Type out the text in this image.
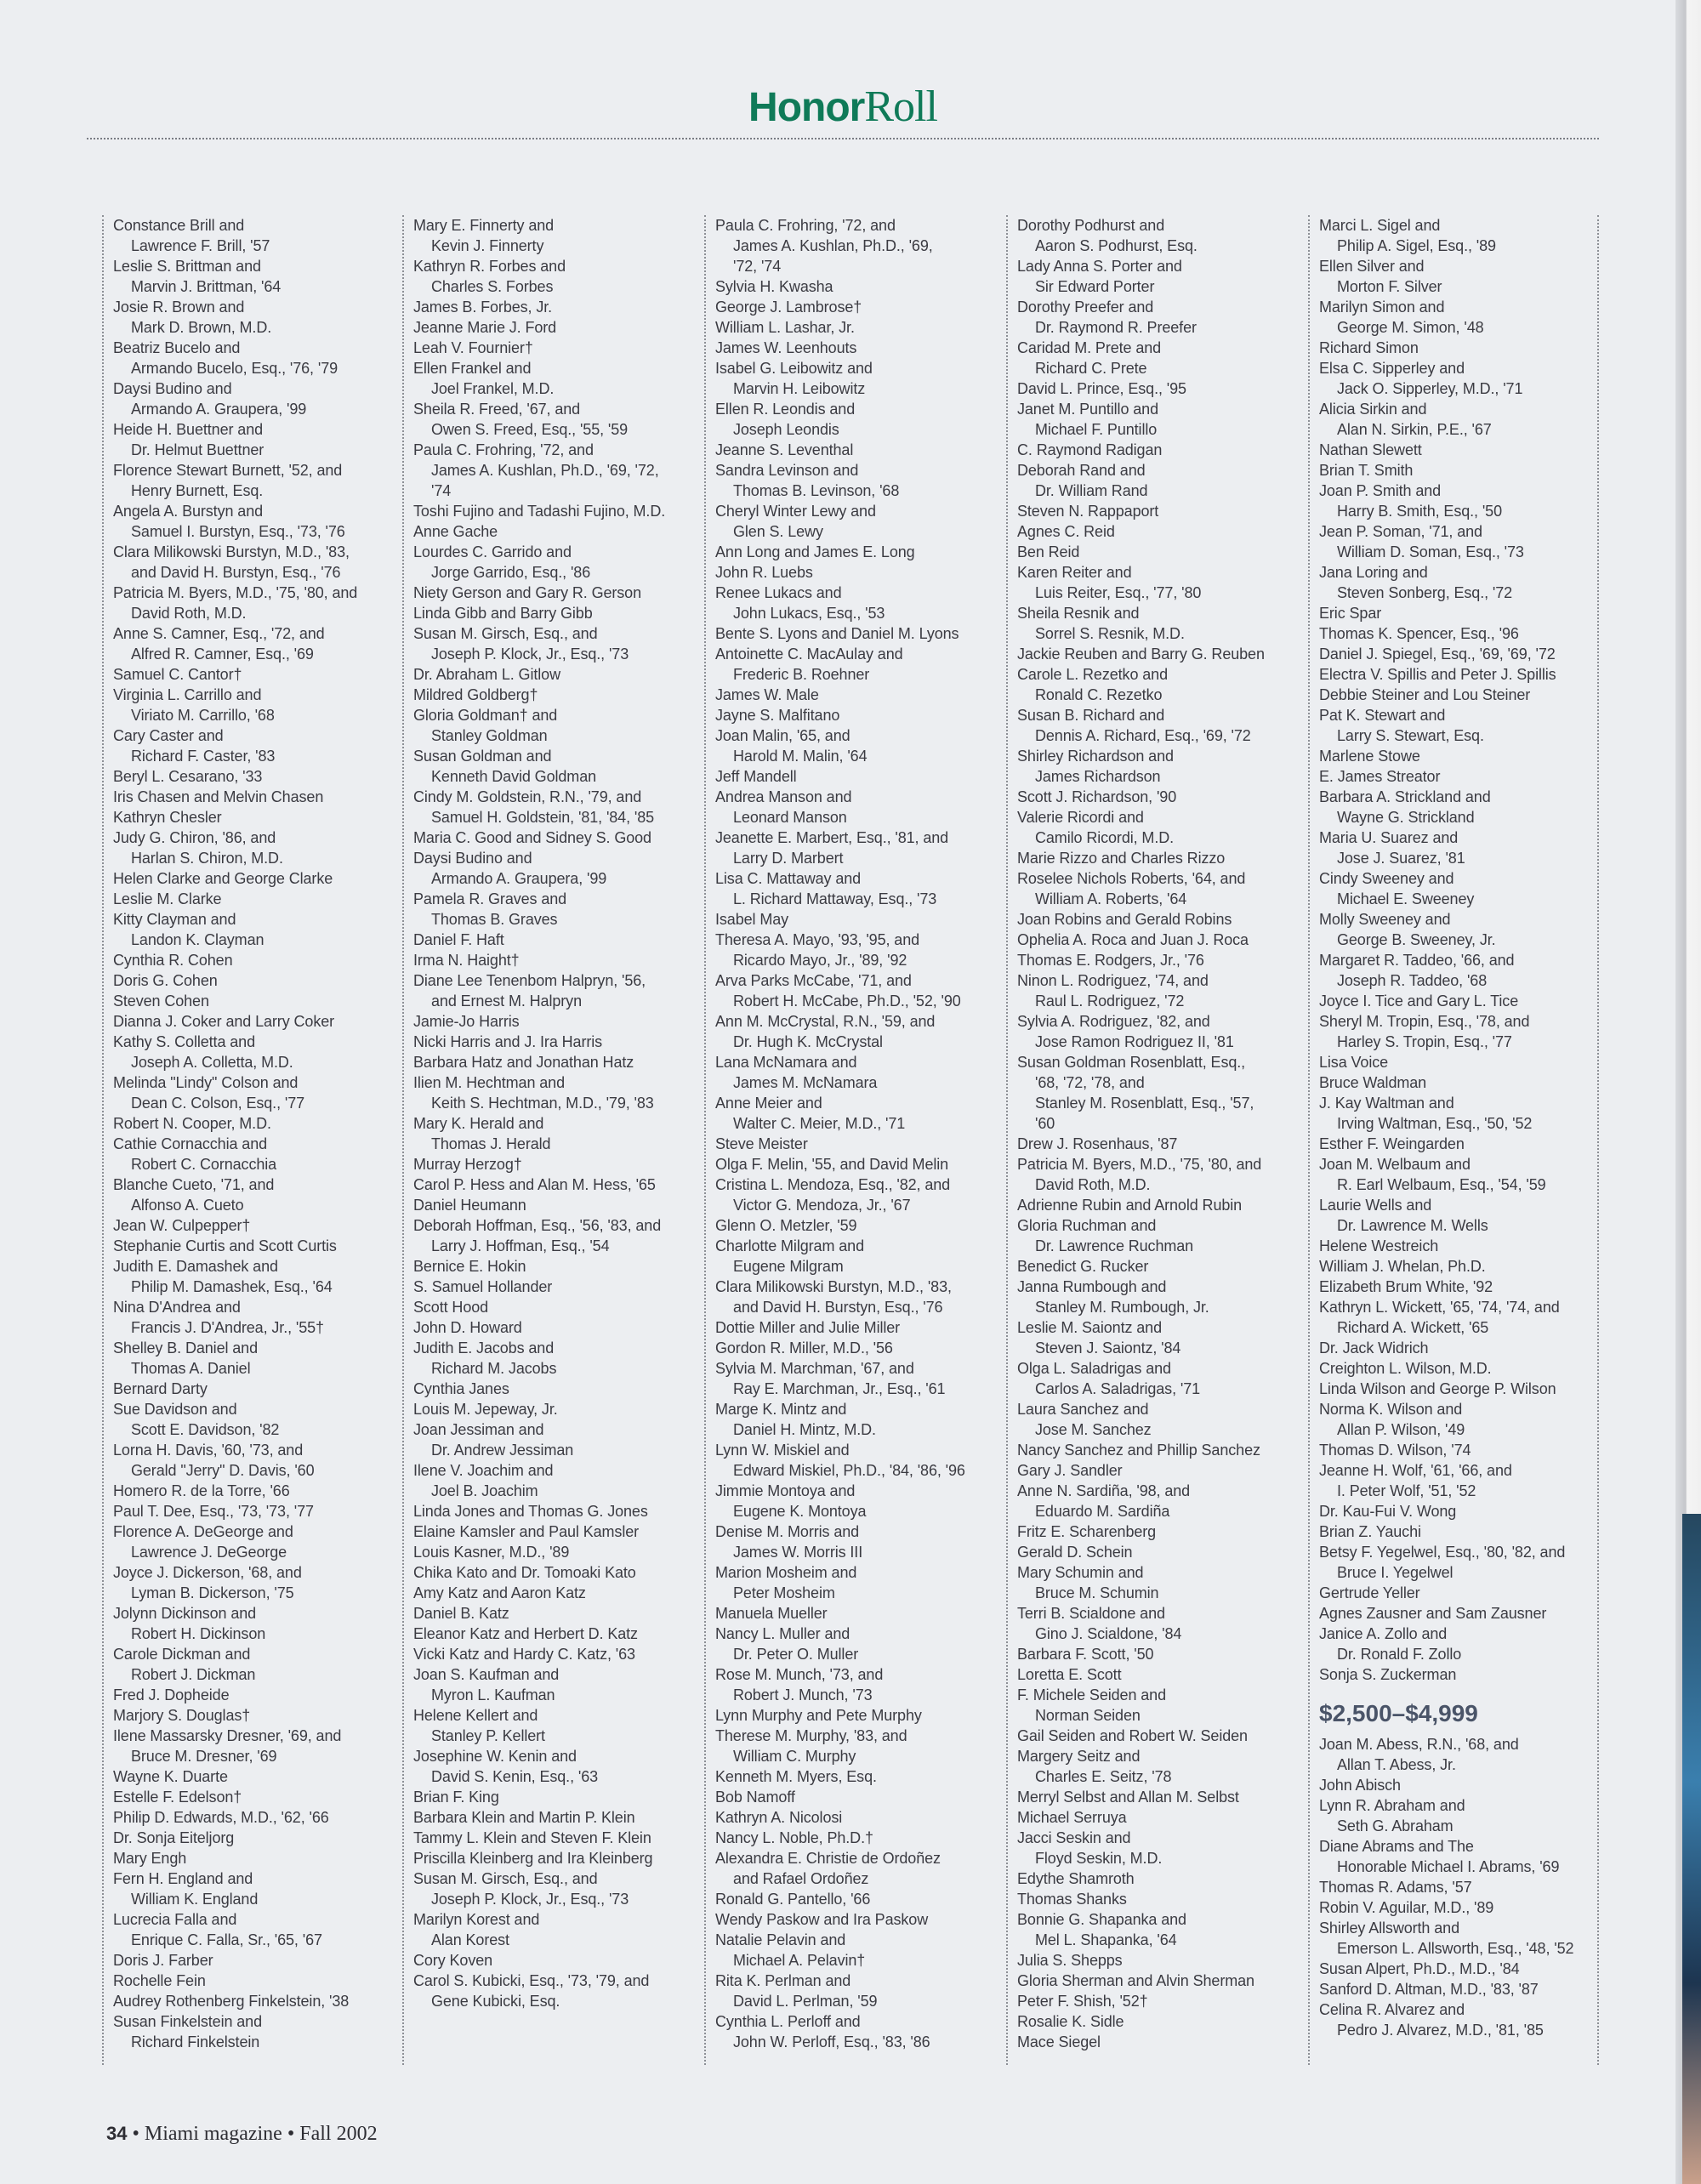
HonorRoll
Constance Brill and
Lawrence F. Brill, '57
Leslie S. Brittman and
Marvin J. Brittman, '64
Josie R. Brown and
Mark D. Brown, M.D.
Beatriz Bucelo and
Armando Bucelo, Esq., '76, '79
Daysi Budino and
Armando A. Graupera, '99
Heide H. Buettner and
Dr. Helmut Buettner
Florence Stewart Burnett, '52, and
Henry Burnett, Esq.
Angela A. Burstyn and
Samuel I. Burstyn, Esq., '73, '76
Clara Milikowski Burstyn, M.D., '83,
and David H. Burstyn, Esq., '76
Patricia M. Byers, M.D., '75, '80, and
David Roth, M.D.
Anne S. Camner, Esq., '72, and
Alfred R. Camner, Esq., '69
Samuel C. Cantor†
Virginia L. Carrillo and
Viriato M. Carrillo, '68
Cary Caster and
Richard F. Caster, '83
Beryl L. Cesarano, '33
Iris Chasen and Melvin Chasen
Kathryn Chesler
Judy G. Chiron, '86, and
Harlan S. Chiron, M.D.
Helen Clarke and George Clarke
Leslie M. Clarke
Kitty Clayman and
Landon K. Clayman
Cynthia R. Cohen
Doris G. Cohen
Steven Cohen
Dianna J. Coker and Larry Coker
Kathy S. Colletta and
Joseph A. Colletta, M.D.
Melinda "Lindy" Colson and
Dean C. Colson, Esq., '77
Robert N. Cooper, M.D.
Cathie Cornacchia and
Robert C. Cornacchia
Blanche Cueto, '71, and
Alfonso A. Cueto
Jean W. Culpepper†
Stephanie Curtis and Scott Curtis
Judith E. Damashek and
Philip M. Damashek, Esq., '64
Nina D'Andrea and
Francis J. D'Andrea, Jr., '55†
Shelley B. Daniel and
Thomas A. Daniel
Bernard Darty
Sue Davidson and
Scott E. Davidson, '82
Lorna H. Davis, '60, '73, and
Gerald "Jerry" D. Davis, '60
Homero R. de la Torre, '66
Paul T. Dee, Esq., '73, '73, '77
Florence A. DeGeorge and
Lawrence J. DeGeorge
Joyce J. Dickerson, '68, and
Lyman B. Dickerson, '75
Jolynn Dickinson and
Robert H. Dickinson
Carole Dickman and
Robert J. Dickman
Fred J. Dopheide
Marjory S. Douglas†
Ilene Massarsky Dresner, '69, and
Bruce M. Dresner, '69
Wayne K. Duarte
Estelle F. Edelson†
Philip D. Edwards, M.D., '62, '66
Dr. Sonja Eiteljorg
Mary Engh
Fern H. England and
William K. England
Lucrecia Falla and
Enrique C. Falla, Sr., '65, '67
Doris J. Farber
Rochelle Fein
Audrey Rothenberg Finkelstein, '38
Susan Finkelstein and
Richard Finkelstein
Mary E. Finnerty and
Kevin J. Finnerty
Kathryn R. Forbes and
Charles S. Forbes
James B. Forbes, Jr.
Jeanne Marie J. Ford
Leah V. Fournier†
Ellen Frankel and
Joel Frankel, M.D.
Sheila R. Freed, '67, and
Owen S. Freed, Esq., '55, '59
Paula C. Frohring, '72, and
James A. Kushlan, Ph.D., '69, '72,
'74
Toshi Fujino and Tadashi Fujino, M.D.
Anne Gache
Lourdes C. Garrido and
Jorge Garrido, Esq., '86
Niety Gerson and Gary R. Gerson
Linda Gibb and Barry Gibb
Susan M. Girsch, Esq., and
Joseph P. Klock, Jr., Esq., '73
Dr. Abraham L. Gitlow
Mildred Goldberg†
Gloria Goldman† and
Stanley Goldman
Susan Goldman and
Kenneth David Goldman
Cindy M. Goldstein, R.N., '79, and
Samuel H. Goldstein, '81, '84, '85
Maria C. Good and Sidney S. Good
Daysi Budino and
Armando A. Graupera, '99
Pamela R. Graves and
Thomas B. Graves
Daniel F. Haft
Irma N. Haight†
Diane Lee Tenenbom Halpryn, '56,
and Ernest M. Halpryn
Jamie-Jo Harris
Nicki Harris and J. Ira Harris
Barbara Hatz and Jonathan Hatz
Ilien M. Hechtman and
Keith S. Hechtman, M.D., '79, '83
Mary K. Herald and
Thomas J. Herald
Murray Herzog†
Carol P. Hess and Alan M. Hess, '65
Daniel Heumann
Deborah Hoffman, Esq., '56, '83, and
Larry J. Hoffman, Esq., '54
Bernice E. Hokin
S. Samuel Hollander
Scott Hood
John D. Howard
Judith E. Jacobs and
Richard M. Jacobs
Cynthia Janes
Louis M. Jepeway, Jr.
Joan Jessiman and
Dr. Andrew Jessiman
Ilene V. Joachim and
Joel B. Joachim
Linda Jones and Thomas G. Jones
Elaine Kamsler and Paul Kamsler
Louis Kasner, M.D., '89
Chika Kato and Dr. Tomoaki Kato
Amy Katz and Aaron Katz
Daniel B. Katz
Eleanor Katz and Herbert D. Katz
Vicki Katz and Hardy C. Katz, '63
Joan S. Kaufman and
Myron L. Kaufman
Helene Kellert and
Stanley P. Kellert
Josephine W. Kenin and
David S. Kenin, Esq., '63
Brian F. King
Barbara Klein and Martin P. Klein
Tammy L. Klein and Steven F. Klein
Priscilla Kleinberg and Ira Kleinberg
Susan M. Girsch, Esq., and
Joseph P. Klock, Jr., Esq., '73
Marilyn Korest and
Alan Korest
Cory Koven
Carol S. Kubicki, Esq., '73, '79, and
Gene Kubicki, Esq.
Paula C. Frohring, '72, and
James A. Kushlan, Ph.D., '69,
'72, '74
Sylvia H. Kwasha
George J. Lambrose†
William L. Lashar, Jr.
James W. Leenhouts
Isabel G. Leibowitz and
Marvin H. Leibowitz
Ellen R. Leondis and
Joseph Leondis
Jeanne S. Leventhal
Sandra Levinson and
Thomas B. Levinson, '68
Cheryl Winter Lewy and
Glen S. Lewy
Ann Long and James E. Long
John R. Luebs
Renee Lukacs and
John Lukacs, Esq., '53
Bente S. Lyons and Daniel M. Lyons
Antoinette C. MacAulay and
Frederic B. Roehner
James W. Male
Jayne S. Malfitano
Joan Malin, '65, and
Harold M. Malin, '64
Jeff Mandell
Andrea Manson and
Leonard Manson
Jeanette E. Marbert, Esq., '81, and
Larry D. Marbert
Lisa C. Mattaway and
L. Richard Mattaway, Esq., '73
Isabel May
Theresa A. Mayo, '93, '95, and
Ricardo Mayo, Jr., '89, '92
Arva Parks McCabe, '71, and
Robert H. McCabe, Ph.D., '52, '90
Ann M. McCrystal, R.N., '59, and
Dr. Hugh K. McCrystal
Lana McNamara and
James M. McNamara
Anne Meier and
Walter C. Meier, M.D., '71
Steve Meister
Olga F. Melin, '55, and David Melin
Cristina L. Mendoza, Esq., '82, and
Victor G. Mendoza, Jr., '67
Glenn O. Metzler, '59
Charlotte Milgram and
Eugene Milgram
Clara Milikowski Burstyn, M.D., '83,
and David H. Burstyn, Esq., '76
Dottie Miller and Julie Miller
Gordon R. Miller, M.D., '56
Sylvia M. Marchman, '67, and
Ray E. Marchman, Jr., Esq., '61
Marge K. Mintz and
Daniel H. Mintz, M.D.
Lynn W. Miskiel and
Edward Miskiel, Ph.D., '84, '86, '96
Jimmie Montoya and
Eugene K. Montoya
Denise M. Morris and
James W. Morris III
Marion Mosheim and
Peter Mosheim
Manuela Mueller
Nancy L. Muller and
Dr. Peter O. Muller
Rose M. Munch, '73, and
Robert J. Munch, '73
Lynn Murphy and Pete Murphy
Therese M. Murphy, '83, and
William C. Murphy
Kenneth M. Myers, Esq.
Bob Namoff
Kathryn A. Nicolosi
Nancy L. Noble, Ph.D.†
Alexandra E. Christie de Ordoñez
and Rafael Ordoñez
Ronald G. Pantello, '66
Wendy Paskow and Ira Paskow
Natalie Pelavin and
Michael A. Pelavin†
Rita K. Perlman and
David L. Perlman, '59
Cynthia L. Perloff and
John W. Perloff, Esq., '83, '86
Dorothy Podhurst and
Aaron S. Podhurst, Esq.
Lady Anna S. Porter and
Sir Edward Porter
Dorothy Preefer and
Dr. Raymond R. Preefer
Caridad M. Prete and
Richard C. Prete
David L. Prince, Esq., '95
Janet M. Puntillo and
Michael F. Puntillo
C. Raymond Radigan
Deborah Rand and
Dr. William Rand
Steven N. Rappaport
Agnes C. Reid
Ben Reid
Karen Reiter and
Luis Reiter, Esq., '77, '80
Sheila Resnik and
Sorrel S. Resnik, M.D.
Jackie Reuben and Barry G. Reuben
Carole L. Rezetko and
Ronald C. Rezetko
Susan B. Richard and
Dennis A. Richard, Esq., '69, '72
Shirley Richardson and
James Richardson
Scott J. Richardson, '90
Valerie Ricordi and
Camilo Ricordi, M.D.
Marie Rizzo and Charles Rizzo
Roselee Nichols Roberts, '64, and
William A. Roberts, '64
Joan Robins and Gerald Robins
Ophelia A. Roca and Juan J. Roca
Thomas E. Rodgers, Jr., '76
Ninon L. Rodriguez, '74, and
Raul L. Rodriguez, '72
Sylvia A. Rodriguez, '82, and
Jose Ramon Rodriguez II, '81
Susan Goldman Rosenblatt, Esq.,
'68, '72, '78, and
Stanley M. Rosenblatt, Esq., '57,
'60
Drew J. Rosenhaus, '87
Patricia M. Byers, M.D., '75, '80, and
David Roth, M.D.
Adrienne Rubin and Arnold Rubin
Gloria Ruchman and
Dr. Lawrence Ruchman
Benedict G. Rucker
Janna Rumbough and
Stanley M. Rumbough, Jr.
Leslie M. Saiontz and
Steven J. Saiontz, '84
Olga L. Saladrigas and
Carlos A. Saladrigas, '71
Laura Sanchez and
Jose M. Sanchez
Nancy Sanchez and Phillip Sanchez
Gary J. Sandler
Anne N. Sardiña, '98, and
Eduardo M. Sardiña
Fritz E. Scharenberg
Gerald D. Schein
Mary Schumin and
Bruce M. Schumin
Terri B. Scialdone and
Gino J. Scialdone, '84
Barbara F. Scott, '50
Loretta E. Scott
F. Michele Seiden and
Norman Seiden
Gail Seiden and Robert W. Seiden
Margery Seitz and
Charles E. Seitz, '78
Merryl Selbst and Allan M. Selbst
Michael Serruya
Jacci Seskin and
Floyd Seskin, M.D.
Edythe Shamroth
Thomas Shanks
Bonnie G. Shapanka and
Mel L. Shapanka, '64
Julia S. Shepps
Gloria Sherman and Alvin Sherman
Peter F. Shish, '52†
Rosalie K. Sidle
Mace Siegel
Marci L. Sigel and
Philip A. Sigel, Esq., '89
Ellen Silver and
Morton F. Silver
Marilyn Simon and
George M. Simon, '48
Richard Simon
Elsa C. Sipperley and
Jack O. Sipperley, M.D., '71
Alicia Sirkin and
Alan N. Sirkin, P.E., '67
Nathan Slewett
Brian T. Smith
Joan P. Smith and
Harry B. Smith, Esq., '50
Jean P. Soman, '71, and
William D. Soman, Esq., '73
Jana Loring and
Steven Sonberg, Esq., '72
Eric Spar
Thomas K. Spencer, Esq., '96
Daniel J. Spiegel, Esq., '69, '69, '72
Electra V. Spillis and Peter J. Spillis
Debbie Steiner and Lou Steiner
Pat K. Stewart and
Larry S. Stewart, Esq.
Marlene Stowe
E. James Streator
Barbara A. Strickland and
Wayne G. Strickland
Maria U. Suarez and
Jose J. Suarez, '81
Cindy Sweeney and
Michael E. Sweeney
Molly Sweeney and
George B. Sweeney, Jr.
Margaret R. Taddeo, '66, and
Joseph R. Taddeo, '68
Joyce I. Tice and Gary L. Tice
Sheryl M. Tropin, Esq., '78, and
Harley S. Tropin, Esq., '77
Lisa Voice
Bruce Waldman
J. Kay Waltman and
Irving Waltman, Esq., '50, '52
Esther F. Weingarden
Joan M. Welbaum and
R. Earl Welbaum, Esq., '54, '59
Laurie Wells and
Dr. Lawrence M. Wells
Helene Westreich
William J. Whelan, Ph.D.
Elizabeth Brum White, '92
Kathryn L. Wickett, '65, '74, '74, and
Richard A. Wickett, '65
Dr. Jack Widrich
Creighton L. Wilson, M.D.
Linda Wilson and George P. Wilson
Norma K. Wilson and
Allan P. Wilson, '49
Thomas D. Wilson, '74
Jeanne H. Wolf, '61, '66, and
I. Peter Wolf, '51, '52
Dr. Kau-Fui V. Wong
Brian Z. Yauchi
Betsy F. Yegelwel, Esq., '80, '82, and
Bruce I. Yegelwel
Gertrude Yeller
Agnes Zausner and Sam Zausner
Janice A. Zollo and
Dr. Ronald F. Zollo
Sonja S. Zuckerman
$2,500–$4,999
Joan M. Abess, R.N., '68, and
Allan T. Abess, Jr.
John Abisch
Lynn R. Abraham and
Seth G. Abraham
Diane Abrams and The
Honorable Michael I. Abrams, '69
Thomas R. Adams, '57
Robin V. Aguilar, M.D., '89
Shirley Allsworth and
Emerson L. Allsworth, Esq., '48, '52
Susan Alpert, Ph.D., M.D., '84
Sanford D. Altman, M.D., '83, '87
Celina R. Alvarez and
Pedro J. Alvarez, M.D., '81, '85
34 • Miami magazine • Fall 2002
